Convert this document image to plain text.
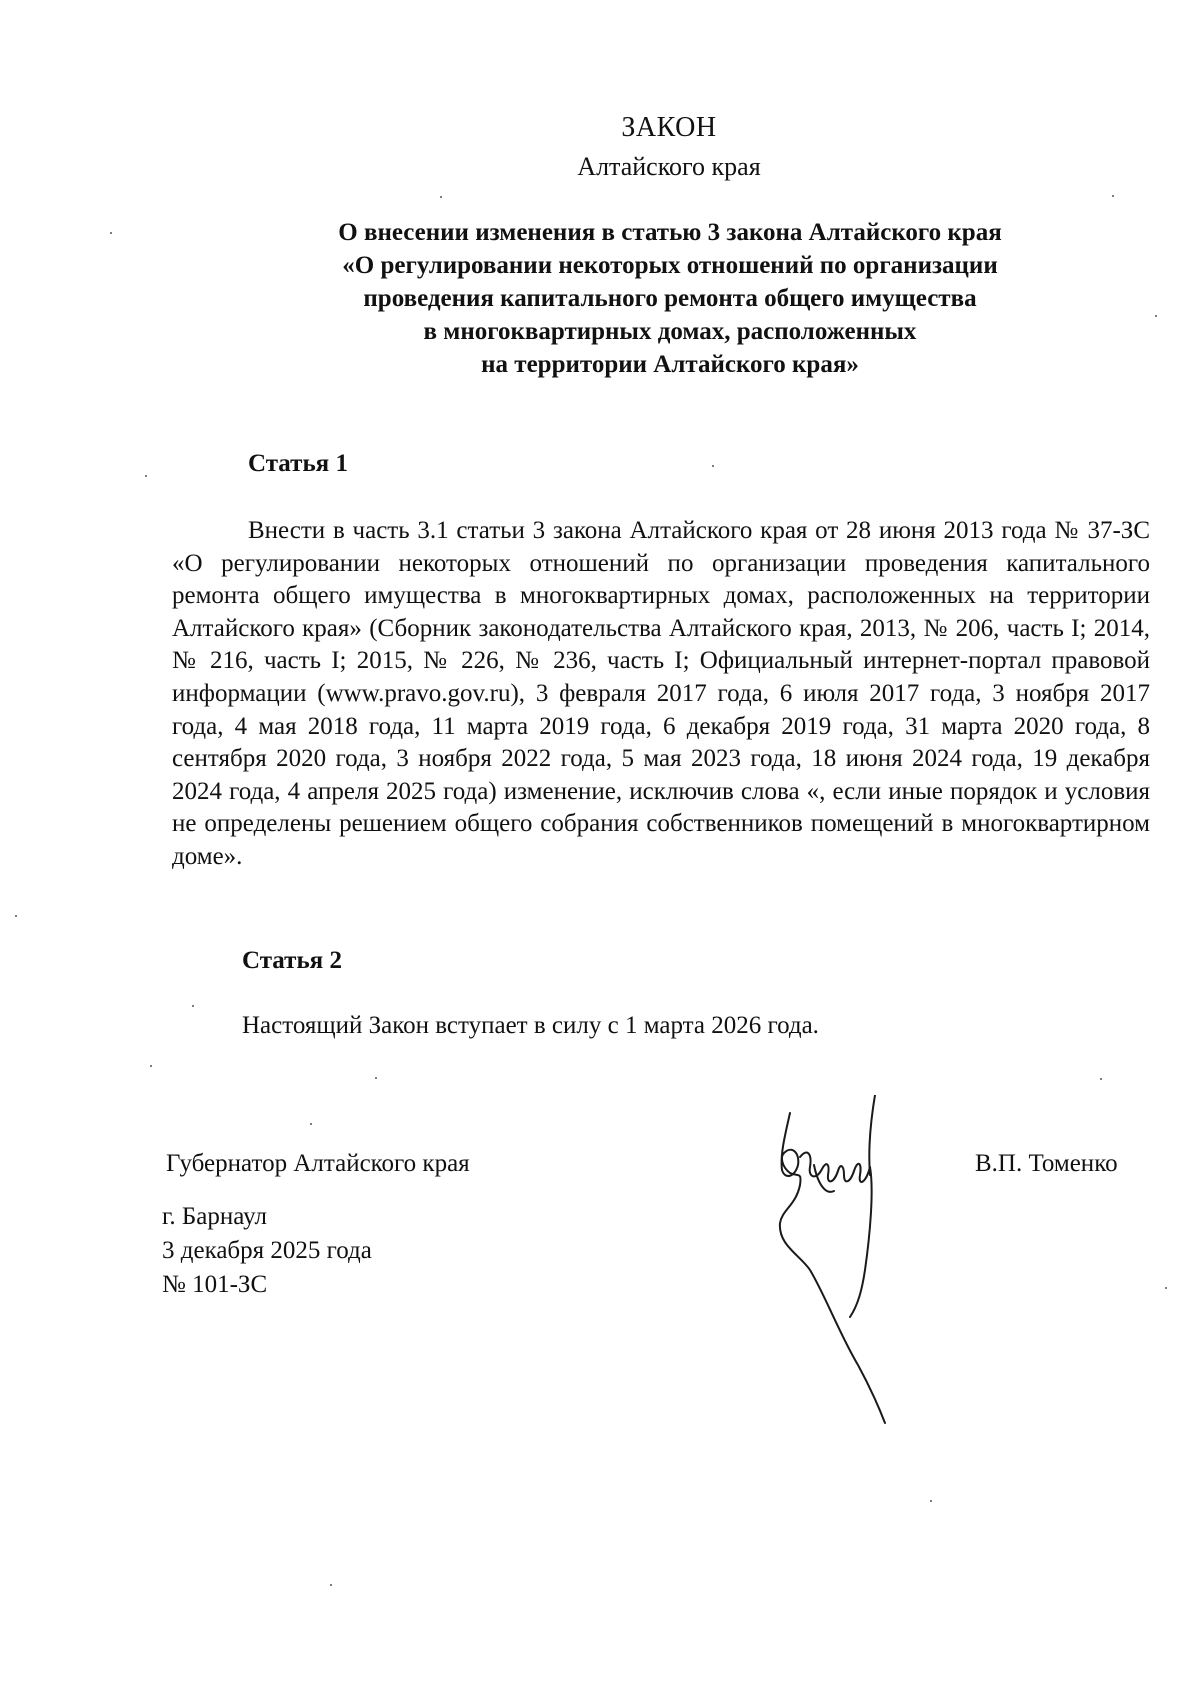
ЗАКОН
Алтайского края
О внесении изменения в статью 3 закона Алтайского края
«О регулировании некоторых отношений по организации
проведения капитального ремонта общего имущества
в многоквартирных домах, расположенных
на территории Алтайского края»
Статья 1

Внести в часть 3.1 статьи 3 закона Алтайского края от 28 июня 2013 года № 37-ЗС «О регулировании некоторых отношений по организации проведения капитального ремонта общего имущества в многоквартирных домах, расположенных на территории Алтайского края» (Сборник законодательства Алтайского края, 2013, № 206, часть I; 2014, № 216, часть I; 2015, № 226, № 236, часть I; Официальный интернет-портал правовой информации (www.pravo.gov.ru), 3 февраля 2017 года, 6 июля 2017 года, 3 ноября 2017 года, 4 мая 2018 года, 11 марта 2019 года, 6 декабря 2019 года, 31 марта 2020 года, 8 сентября 2020 года, 3 ноября 2022 года, 5 мая 2023 года, 18 июня 2024 года, 19 декабря 2024 года, 4 апреля 2025 года) изменение, исключив слова «, если иные порядок и условия не определены решением общего собрания собственников помещений в многоквартирном доме».

Статья 2

Настоящий Закон вступает в силу с 1 марта 2026 года.

Губернатор Алтайского края	В.П. Томенко
г. Барнаул
3 декабря 2025 года
№ 101-ЗС
